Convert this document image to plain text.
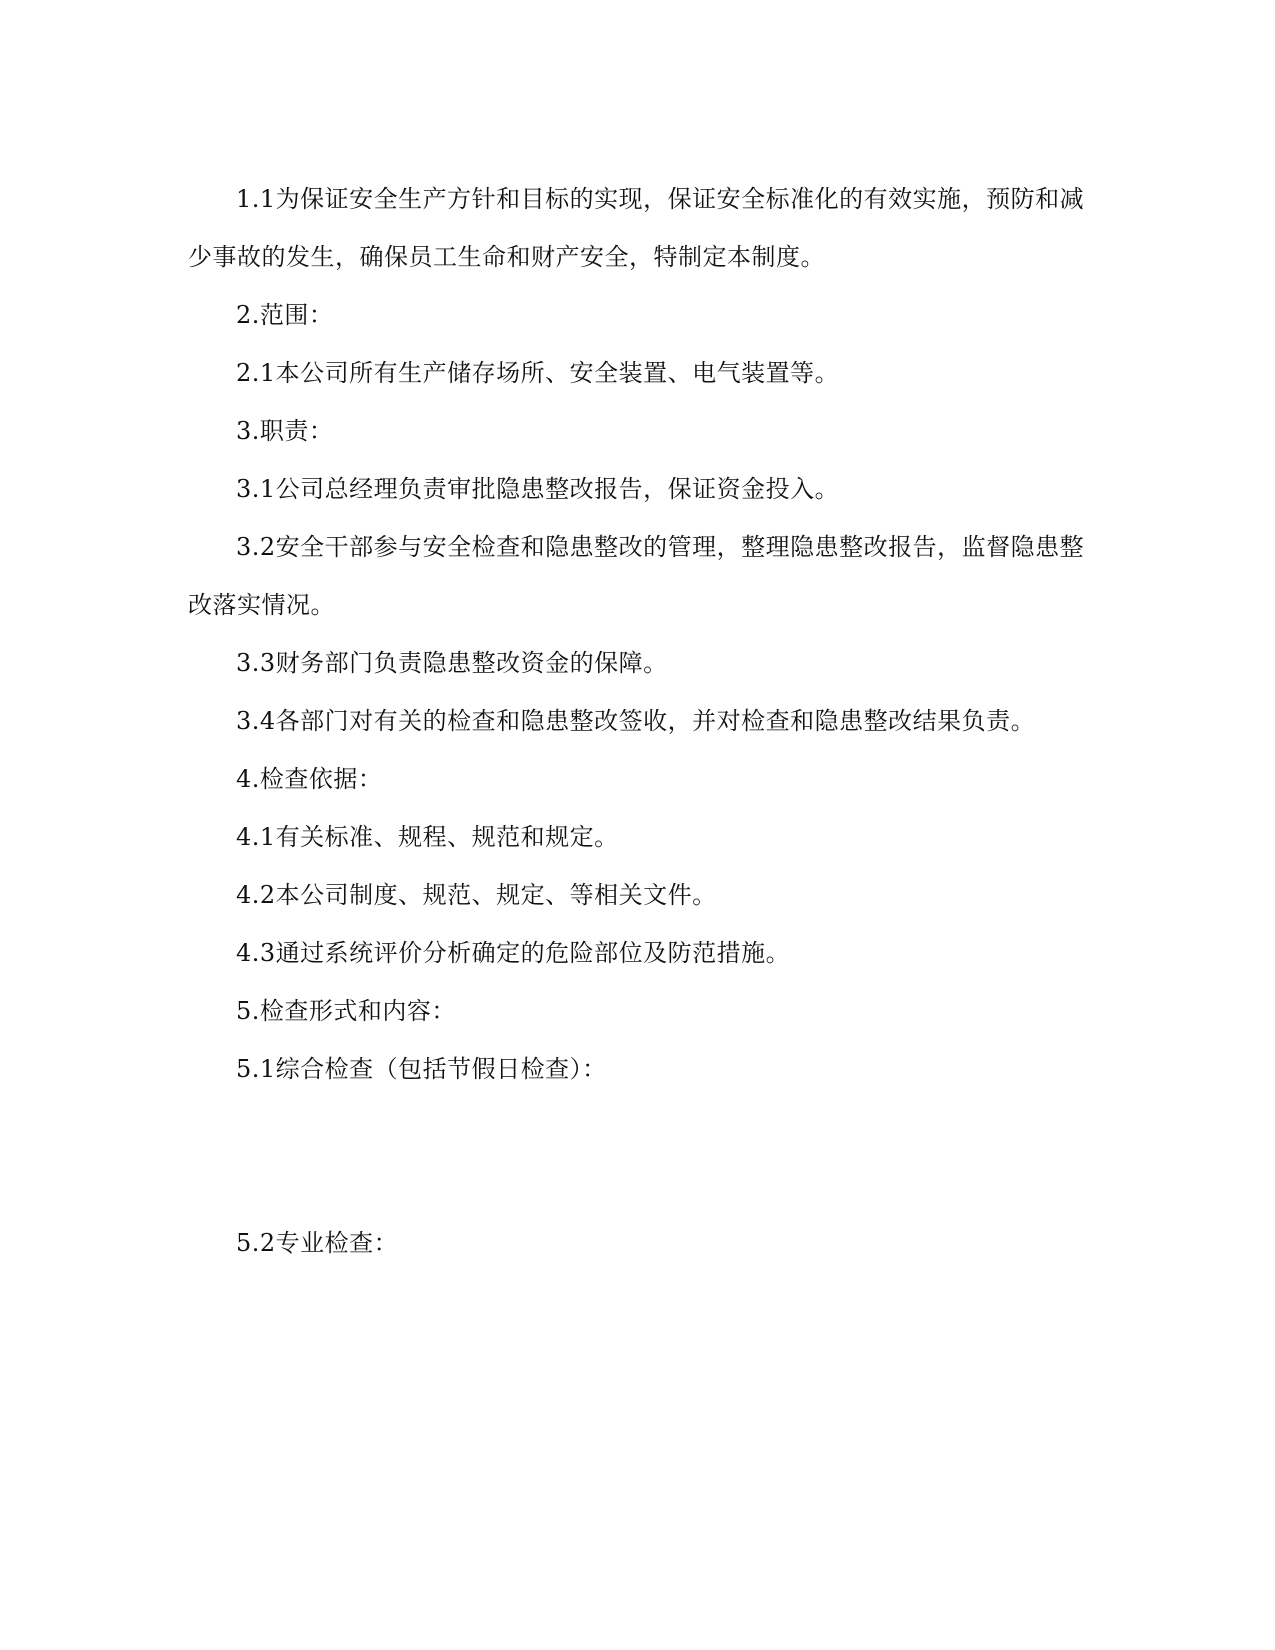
1.1为保证安全生产方针和目标的实现，保证安全标准化的有效实施，预防和减少事故的发生，确保员工生命和财产安全，特制定本制度。

2.范围：

2.1本公司所有生产储存场所、安全装置、电气装置等。

3.职责：

3.1公司总经理负责审批隐患整改报告，保证资金投入。

3.2安全干部参与安全检查和隐患整改的管理，整理隐患整改报告，监督隐患整改落实情况。

3.3财务部门负责隐患整改资金的保障。

3.4各部门对有关的检查和隐患整改签收，并对检查和隐患整改结果负责。

4.检查依据：

4.1有关标准、规程、规范和规定。

4.2本公司制度、规范、规定、等相关文件。

4.3通过系统评价分析确定的危险部位及防范措施。

5.检查形式和内容：

5.1综合检查（包括节假日检查）：

5.2专业检查：
